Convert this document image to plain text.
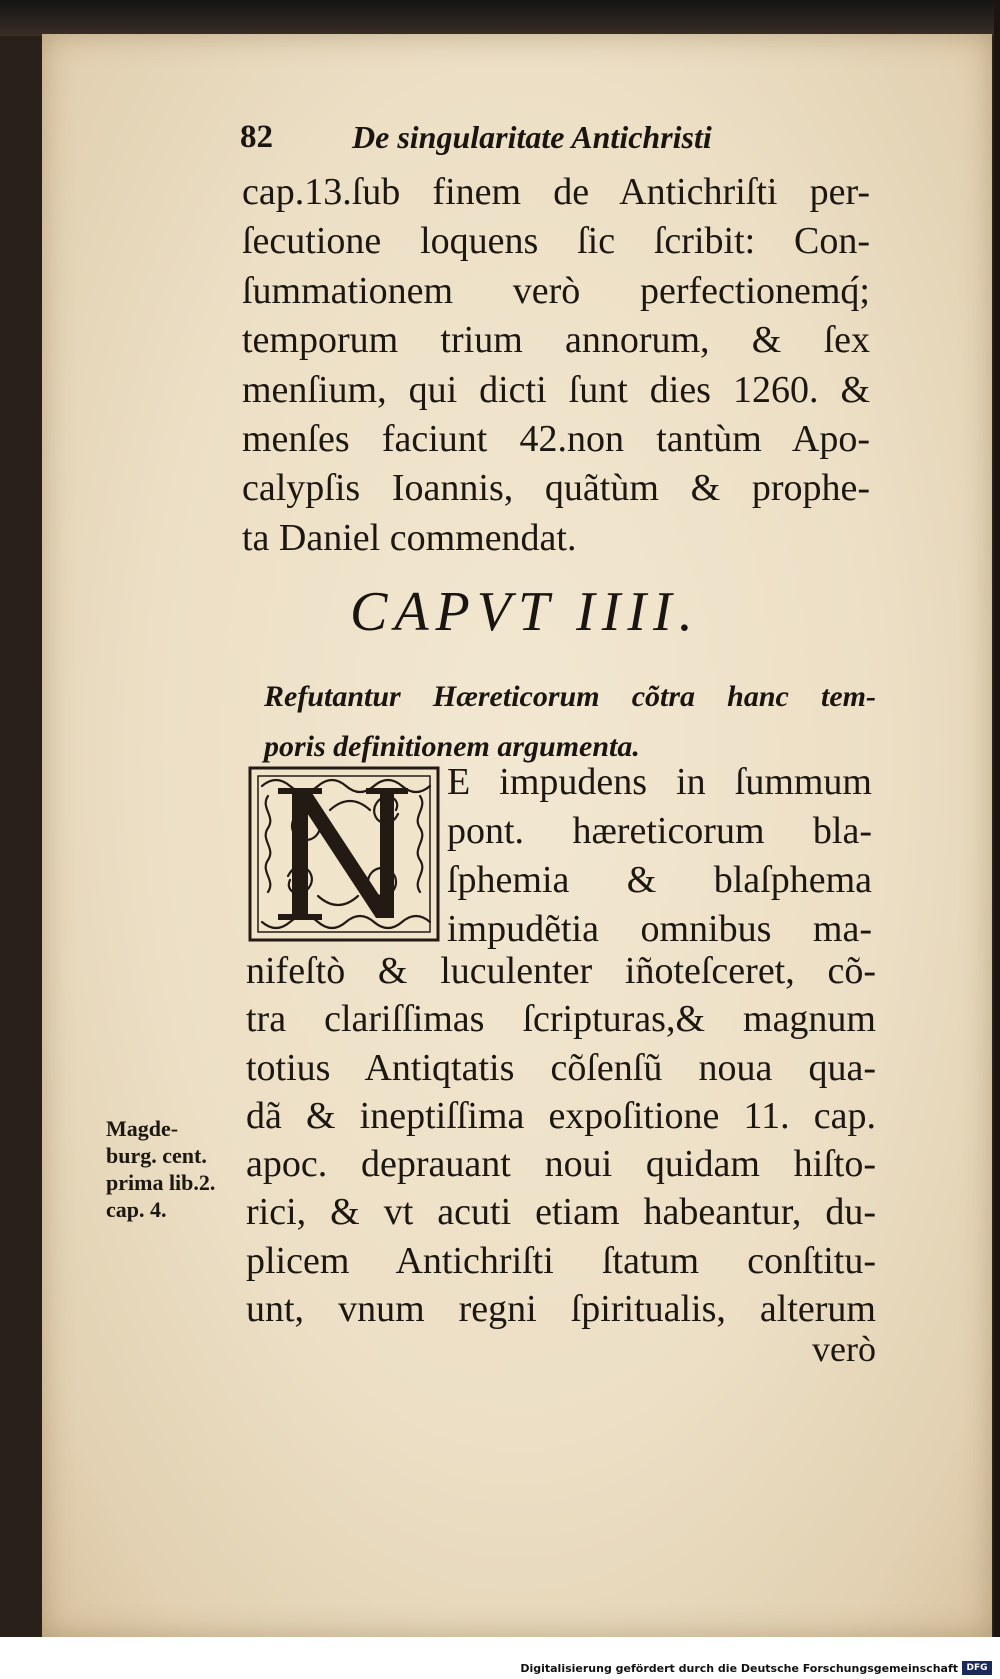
82 De singularitate Antichristi
cap.13.ſub finem de Antichriſti per-
ſecutione loquens ſic ſcribit: Con-
ſummationem verò perfectionemq́;
temporum trium annorum, & ſex
menſium, qui dicti ſunt dies 1260. &
menſes faciunt 42.non tantùm Apo-
calypſis Ioannis, quãtùm & prophe-
ta Daniel commendat.
CAPVT IIII.
Refutantur Hæreticorum cõtra hanc tem-
poris definitionem argumenta.
E impudens in ſummum
pont. hæreticorum bla-
ſphemia & blaſphema
impudẽtia omnibus ma-
nifeſtò & luculenter iñoteſceret, cõ-
tra clariſſimas ſcripturas,& magnum
totius Antiqtatis cõſenſũ noua qua-
dã & ineptiſſima expoſitione 11. cap.
apoc. deprauant noui quidam hiſto-
rici, & vt acuti etiam habeantur, du-
plicem Antichriſti ſtatum conſtitu-
unt, vnum regni ſpiritualis, alterum
verò
Magde-
burg. cent.
prima lib.2.
cap. 4.
Digitalisierung gefördert durch die Deutsche Forschungsgemeinschaft DFG
